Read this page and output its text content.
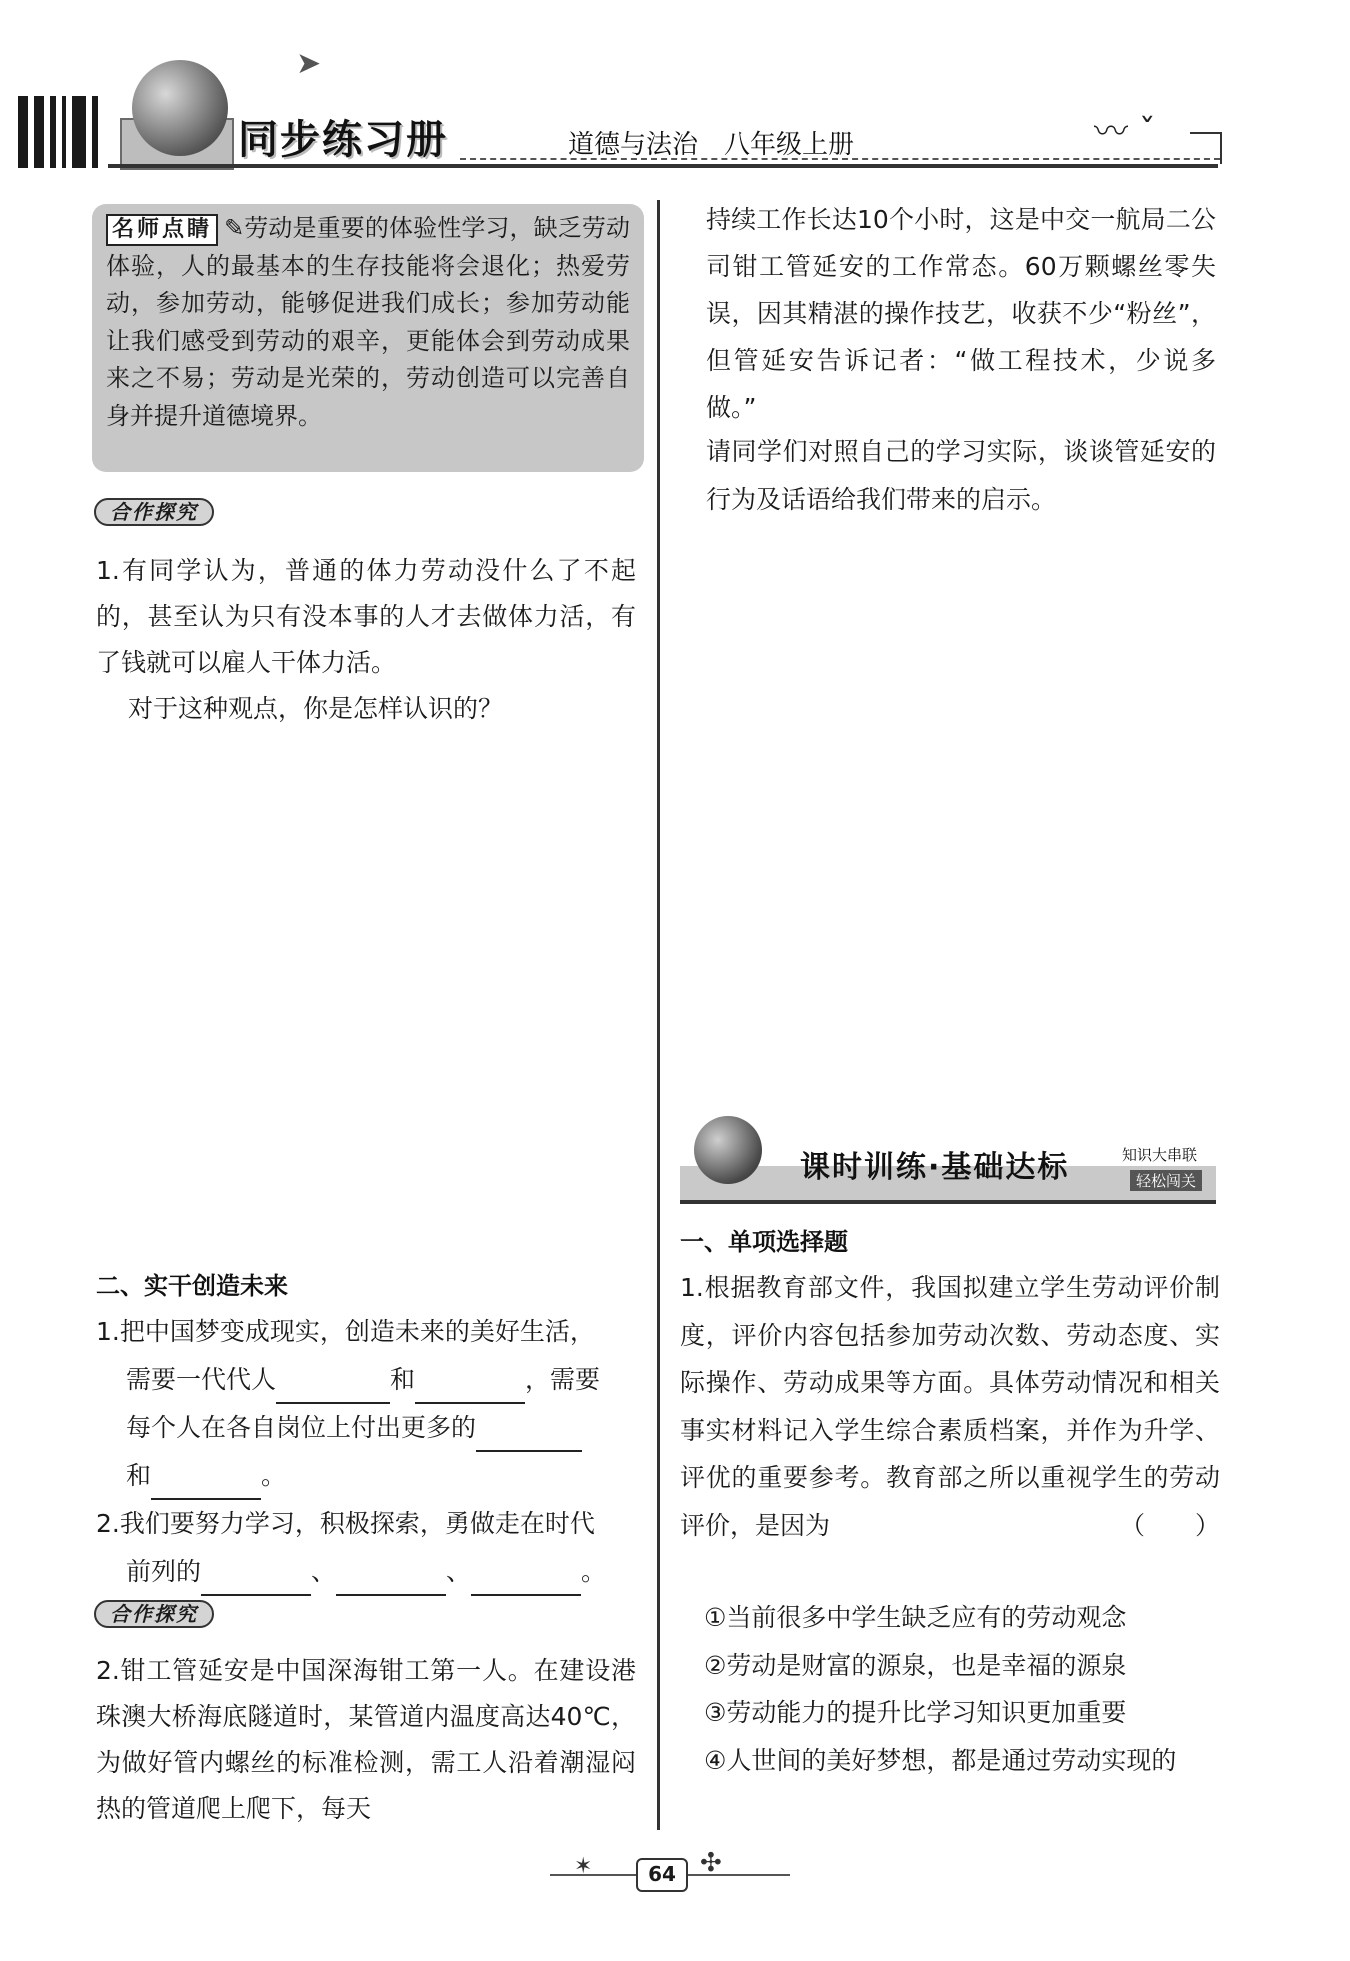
➤
同步练习册	道德与法治　八年级上册	〰 ˇ

名 师 点 睛 ✎劳动是重要的体验性学习，缺乏劳动体验，人的最基本的生存技能将会退化；热爱劳动，参加劳动，能够促进我们成长；参加劳动能让我们感受到劳动的艰辛，更能体会到劳动成果来之不易；劳动是光荣的，劳动创造可以完善自身并提升道德境界。

合作探究

1.有同学认为，普通的体力劳动没什么了不起的，甚至认为只有没本事的人才去做体力活，有了钱就可以雇人干体力活。

对于这种观点，你是怎样认识的？

二、实干创造未来
1.把中国梦变成现实，创造未来的美好生活，
需要一代代人	和	，需要
每个人在各自岗位上付出更多的
和	。
2.我们要努力学习，积极探索，勇做走在时代
前列的	、	、	。
合作探究

2.钳工管延安是中国深海钳工第一人。在建设港珠澳大桥海底隧道时，某管道内温度高达40℃，为做好管内螺丝的标准检测，需工人沿着潮湿闷热的管道爬上爬下，每天

持续工作长达10个小时，这是中交一航局二公司钳工管延安的工作常态。60万颗螺丝零失误，因其精湛的操作技艺，收获不少“粉丝”，但管延安告诉记者：“做工程技术，少说多做。”

请同学们对照自己的学习实际，谈谈管延安的行为及话语给我们带来的启示。

课时训练·基础达标	知识大串联
轻松闯关
一、单项选择题

1.根据教育部文件，我国拟建立学生劳动评价制度，评价内容包括参加劳动次数、劳动态度、实际操作、劳动成果等方面。具体劳动情况和相关事实材料记入学生综合素质档案，并作为升学、评优的重要参考。教育部之所以重视学生的劳动评价，是因为	（　　）

①当前很多中学生缺乏应有的劳动观念
②劳动是财富的源泉，也是幸福的源泉
③劳动能力的提升比学习知识更加重要
④人世间的美好梦想，都是通过劳动实现的
✶	64 ✣
